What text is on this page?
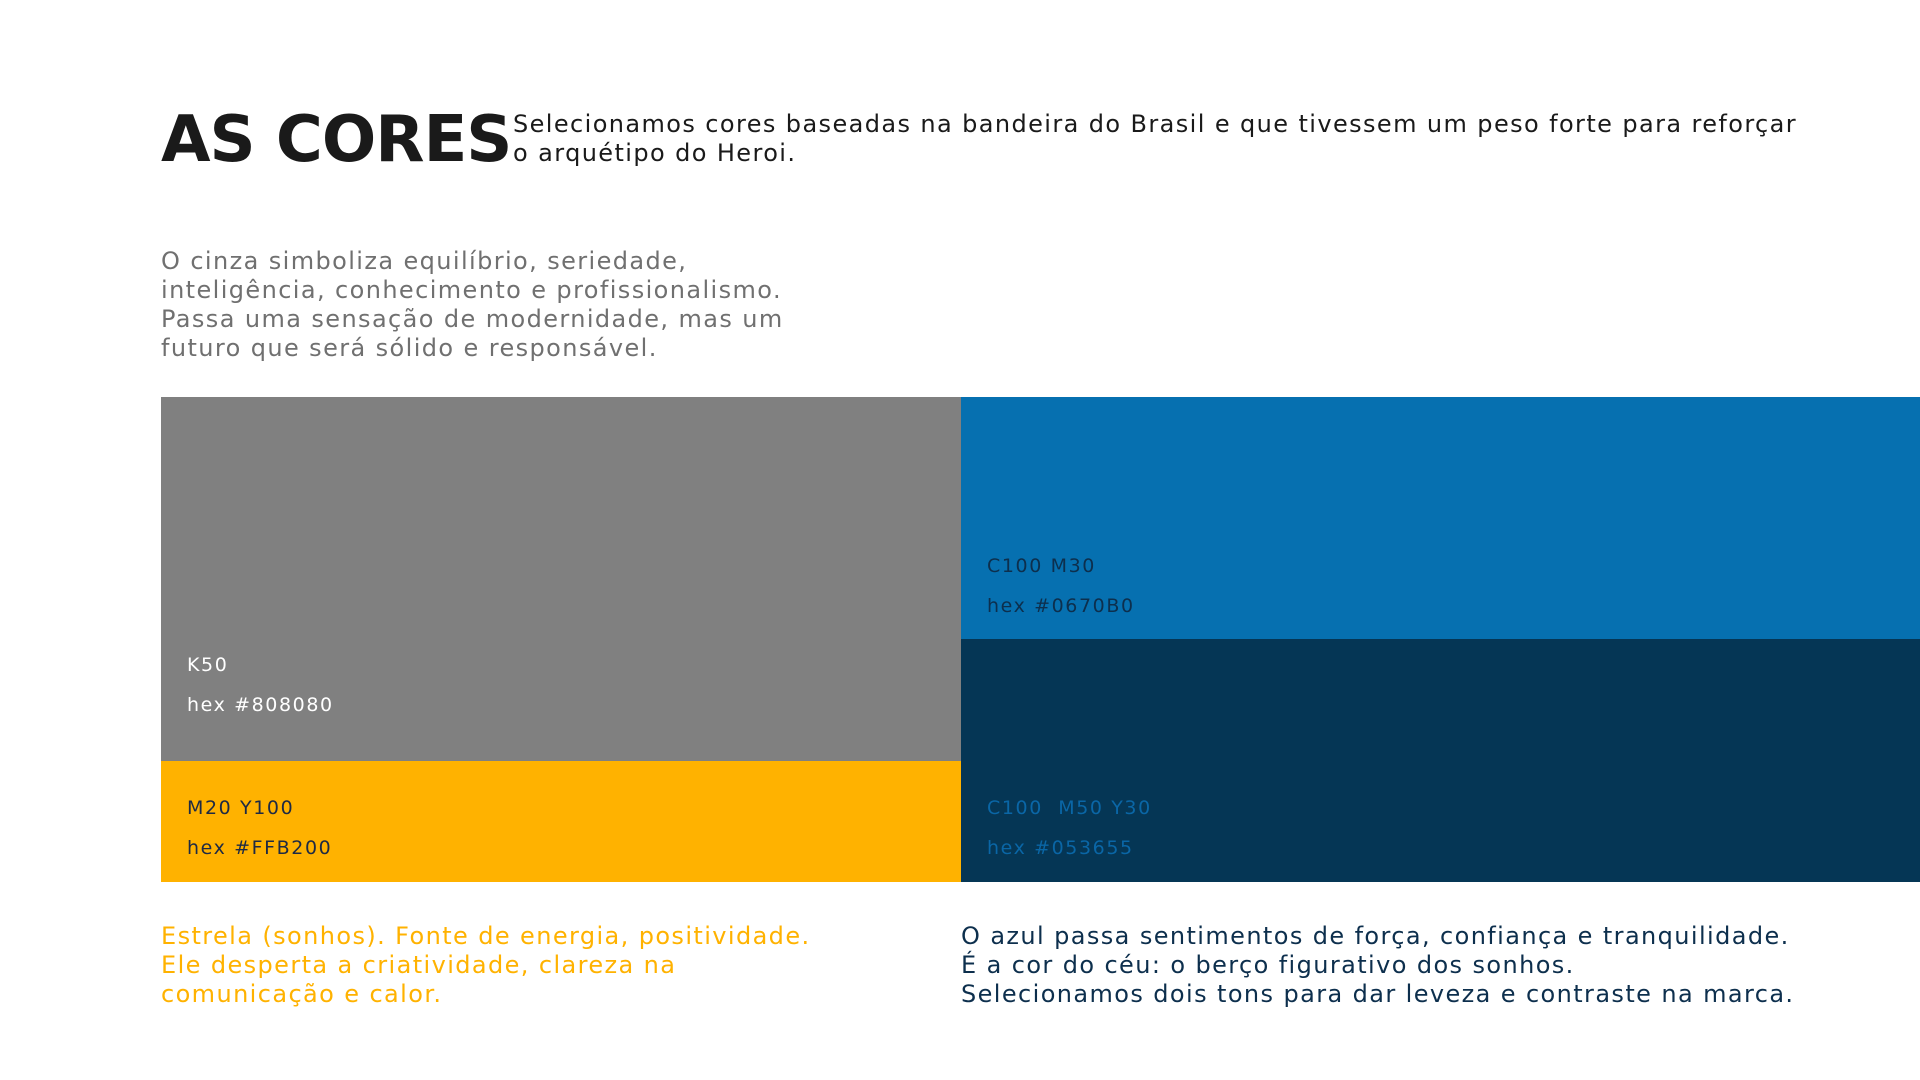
AS CORES Selecionamos cores baseadas na bandeira do Brasil e que tivessem um peso forte para reforçar
o arquétipo do Heroi.
O cinza simboliza equilíbrio, seriedade,
inteligência, conhecimento e profissionalismo.
Passa uma sensação de modernidade, mas um
futuro que será sólido e responsável.
K50
hex #808080
M20 Y100
hex #FFB200
C100 M30
hex #0670B0
C100  M50 Y30
hex #053655
Estrela (sonhos). Fonte de energia, positividade.
Ele desperta a criatividade, clareza na
comunicação e calor.
O azul passa sentimentos de força, confiança e tranquilidade.
É a cor do céu: o berço figurativo dos sonhos.
Selecionamos dois tons para dar leveza e contraste na marca.
